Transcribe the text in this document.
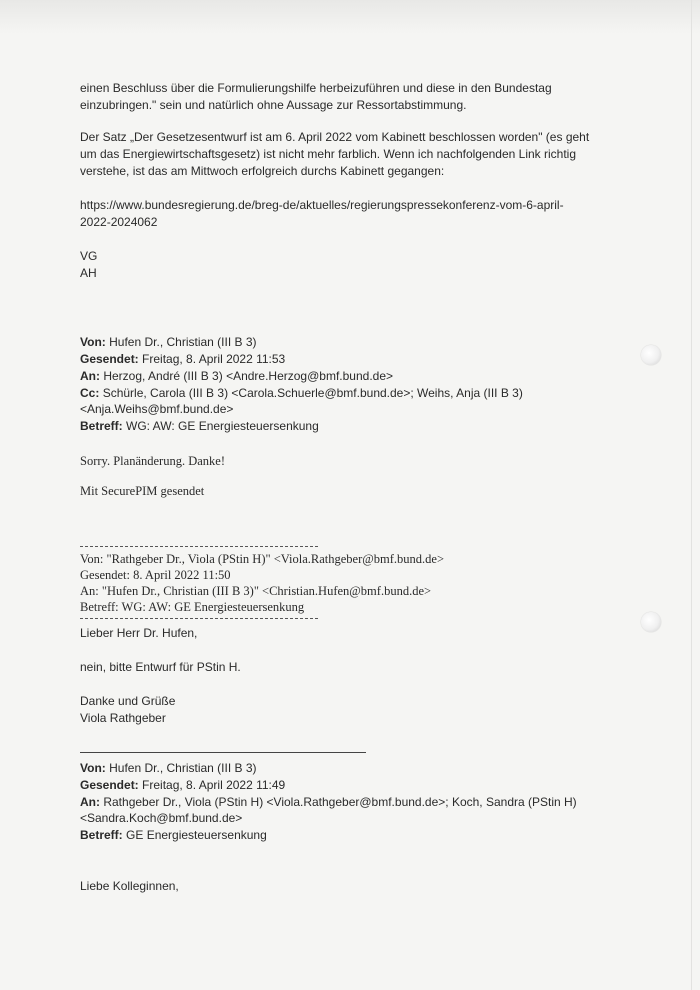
einen Beschluss über die Formulierungshilfe herbeizuführen und diese in den Bundestag
einzubringen." sein und natürlich ohne Aussage zur Ressortabstimmung.
Der Satz „Der Gesetzesentwurf ist am 6. April 2022 vom Kabinett beschlossen worden" (es geht
um das Energiewirtschaftsgesetz) ist nicht mehr farblich. Wenn ich nachfolgenden Link richtig
verstehe, ist das am Mittwoch erfolgreich durchs Kabinett gegangen:
https://www.bundesregierung.de/breg-de/aktuelles/regierungspressekonferenz-vom-6-april-
2022-2024062
VG
AH
Von: Hufen Dr., Christian (III B 3)
Gesendet: Freitag, 8. April 2022 11:53
An: Herzog, André (III B 3) <Andre.Herzog@bmf.bund.de>
Cc: Schürle, Carola (III B 3) <Carola.Schuerle@bmf.bund.de>; Weihs, Anja (III B 3)
<Anja.Weihs@bmf.bund.de>
Betreff: WG: AW: GE Energiesteuersenkung
Sorry. Planänderung. Danke!
Mit SecurePIM gesendet
Von: "Rathgeber Dr., Viola (PStin H)" <Viola.Rathgeber@bmf.bund.de>
Gesendet: 8. April 2022 11:50
An: "Hufen Dr., Christian (III B 3)" <Christian.Hufen@bmf.bund.de>
Betreff: WG: AW: GE Energiesteuersenkung
Lieber Herr Dr. Hufen,
nein, bitte Entwurf für PStin H.
Danke und Grüße
Viola Rathgeber
Von: Hufen Dr., Christian (III B 3)
Gesendet: Freitag, 8. April 2022 11:49
An: Rathgeber Dr., Viola (PStin H) <Viola.Rathgeber@bmf.bund.de>; Koch, Sandra (PStin H)
<Sandra.Koch@bmf.bund.de>
Betreff: GE Energiesteuersenkung
Liebe Kolleginnen,
